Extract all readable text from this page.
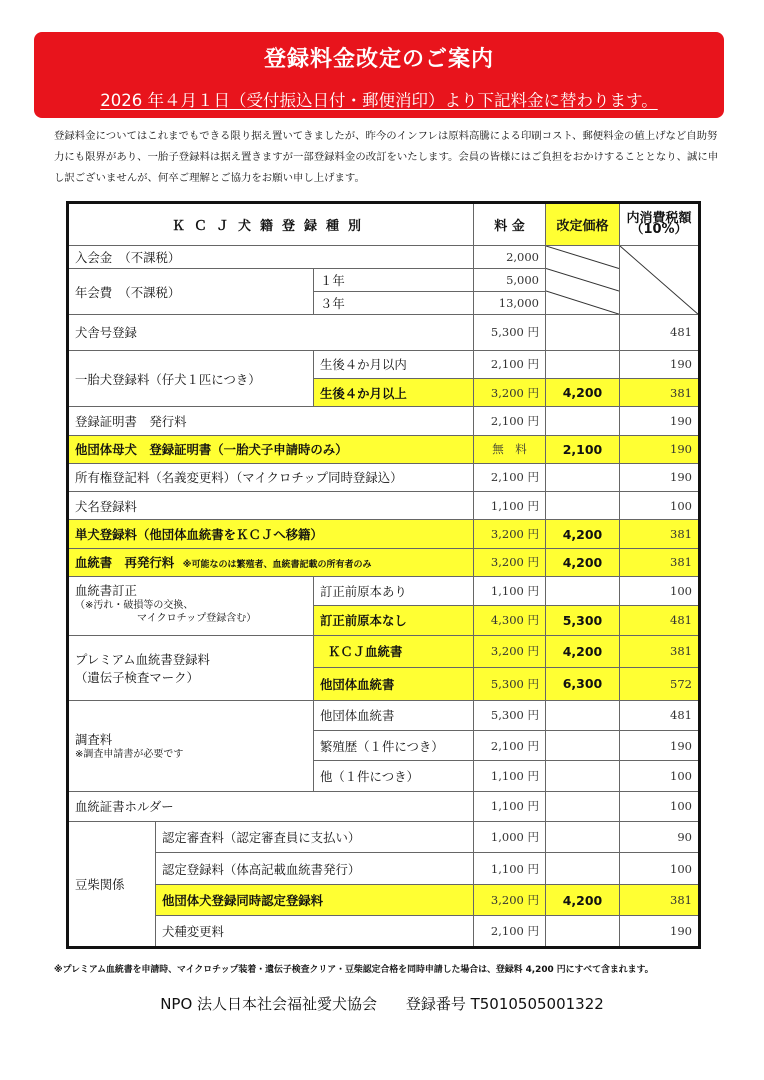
登録料金改定のご案内
2026 年４月１日（受付振込日付・郵便消印）より下記料金に替わります。

登録料金についてはこれまでもできる限り据え置いてきましたが、昨今のインフレは原料高騰による印刷コスト、郵便料金の値上げなど自助努力にも限界があり、一胎子登録料は据え置きますが一部登録料金の改訂をいたします。会員の皆様にはご負担をおかけすることとなり、誠に申し訳ございませんが、何卒ご理解とご協力をお願い申し上げます。

ＫＣＪ犬籍登録種別			料 金	改定価格	内消費税額（10%）
入会金　（不課税）			2,000	

年会費　（不課税）		１年	5,000		
		３年	13,000		
犬舎号登録			5,300 円		481
一胎犬登録料（仔犬１匹につき）		生後４か月以内	2,100 円		190
		生後４か月以上	3,200 円	4,200	381
登録証明書　発行料			2,100 円		190
他団体母犬　登録証明書（一胎犬子申請時のみ）			無　料	2,100	190
所有権登記料（名義変更料）（マイクロチップ同時登録込）			2,100 円		190
犬名登録料			1,100 円		100
単犬登録料（他団体血統書をＫＣＪへ移籍）			3,200 円	4,200	381
血統書　再発行料 ※可能なのは繁殖者、血統書記載の所有者のみ			3,200 円	4,200	381

血統書訂正
（※汚れ・破損等の交換、
マイクロチップ登録含む）		訂正前原本あり	1,100 円		100
		訂正前原本なし	4,300 円	5,300	481

プレミアム血統書登録料
（遺伝子検査マーク）		ＫＣＪ血統書	3,200 円	4,200	381
		他団体血統書	5,300 円	6,300	572

調査料
※調査申請書が必要です		他団体血統書	5,300 円		481
		繁殖歴（１件につき）	2,100 円		190
		他（１件につき）	1,100 円		100
血統証書ホルダー			1,100 円		100
豆柴関係	認定審査料（認定審査員に支払い）		1,000 円		90
	認定登録料（体高記載血統書発行）		1,100 円		100
	他団体犬登録同時認定登録料		3,200 円	4,200	381
	犬種変更料		2,100 円		190
※プレミアム血統書を申請時、マイクロチップ装着・遺伝子検査クリア・豆柴認定合格を同時申請した場合は、登録料 4,200 円にすべて含まれます。
NPO 法人日本社会福祉愛犬協会 登録番号 T5010505001322
